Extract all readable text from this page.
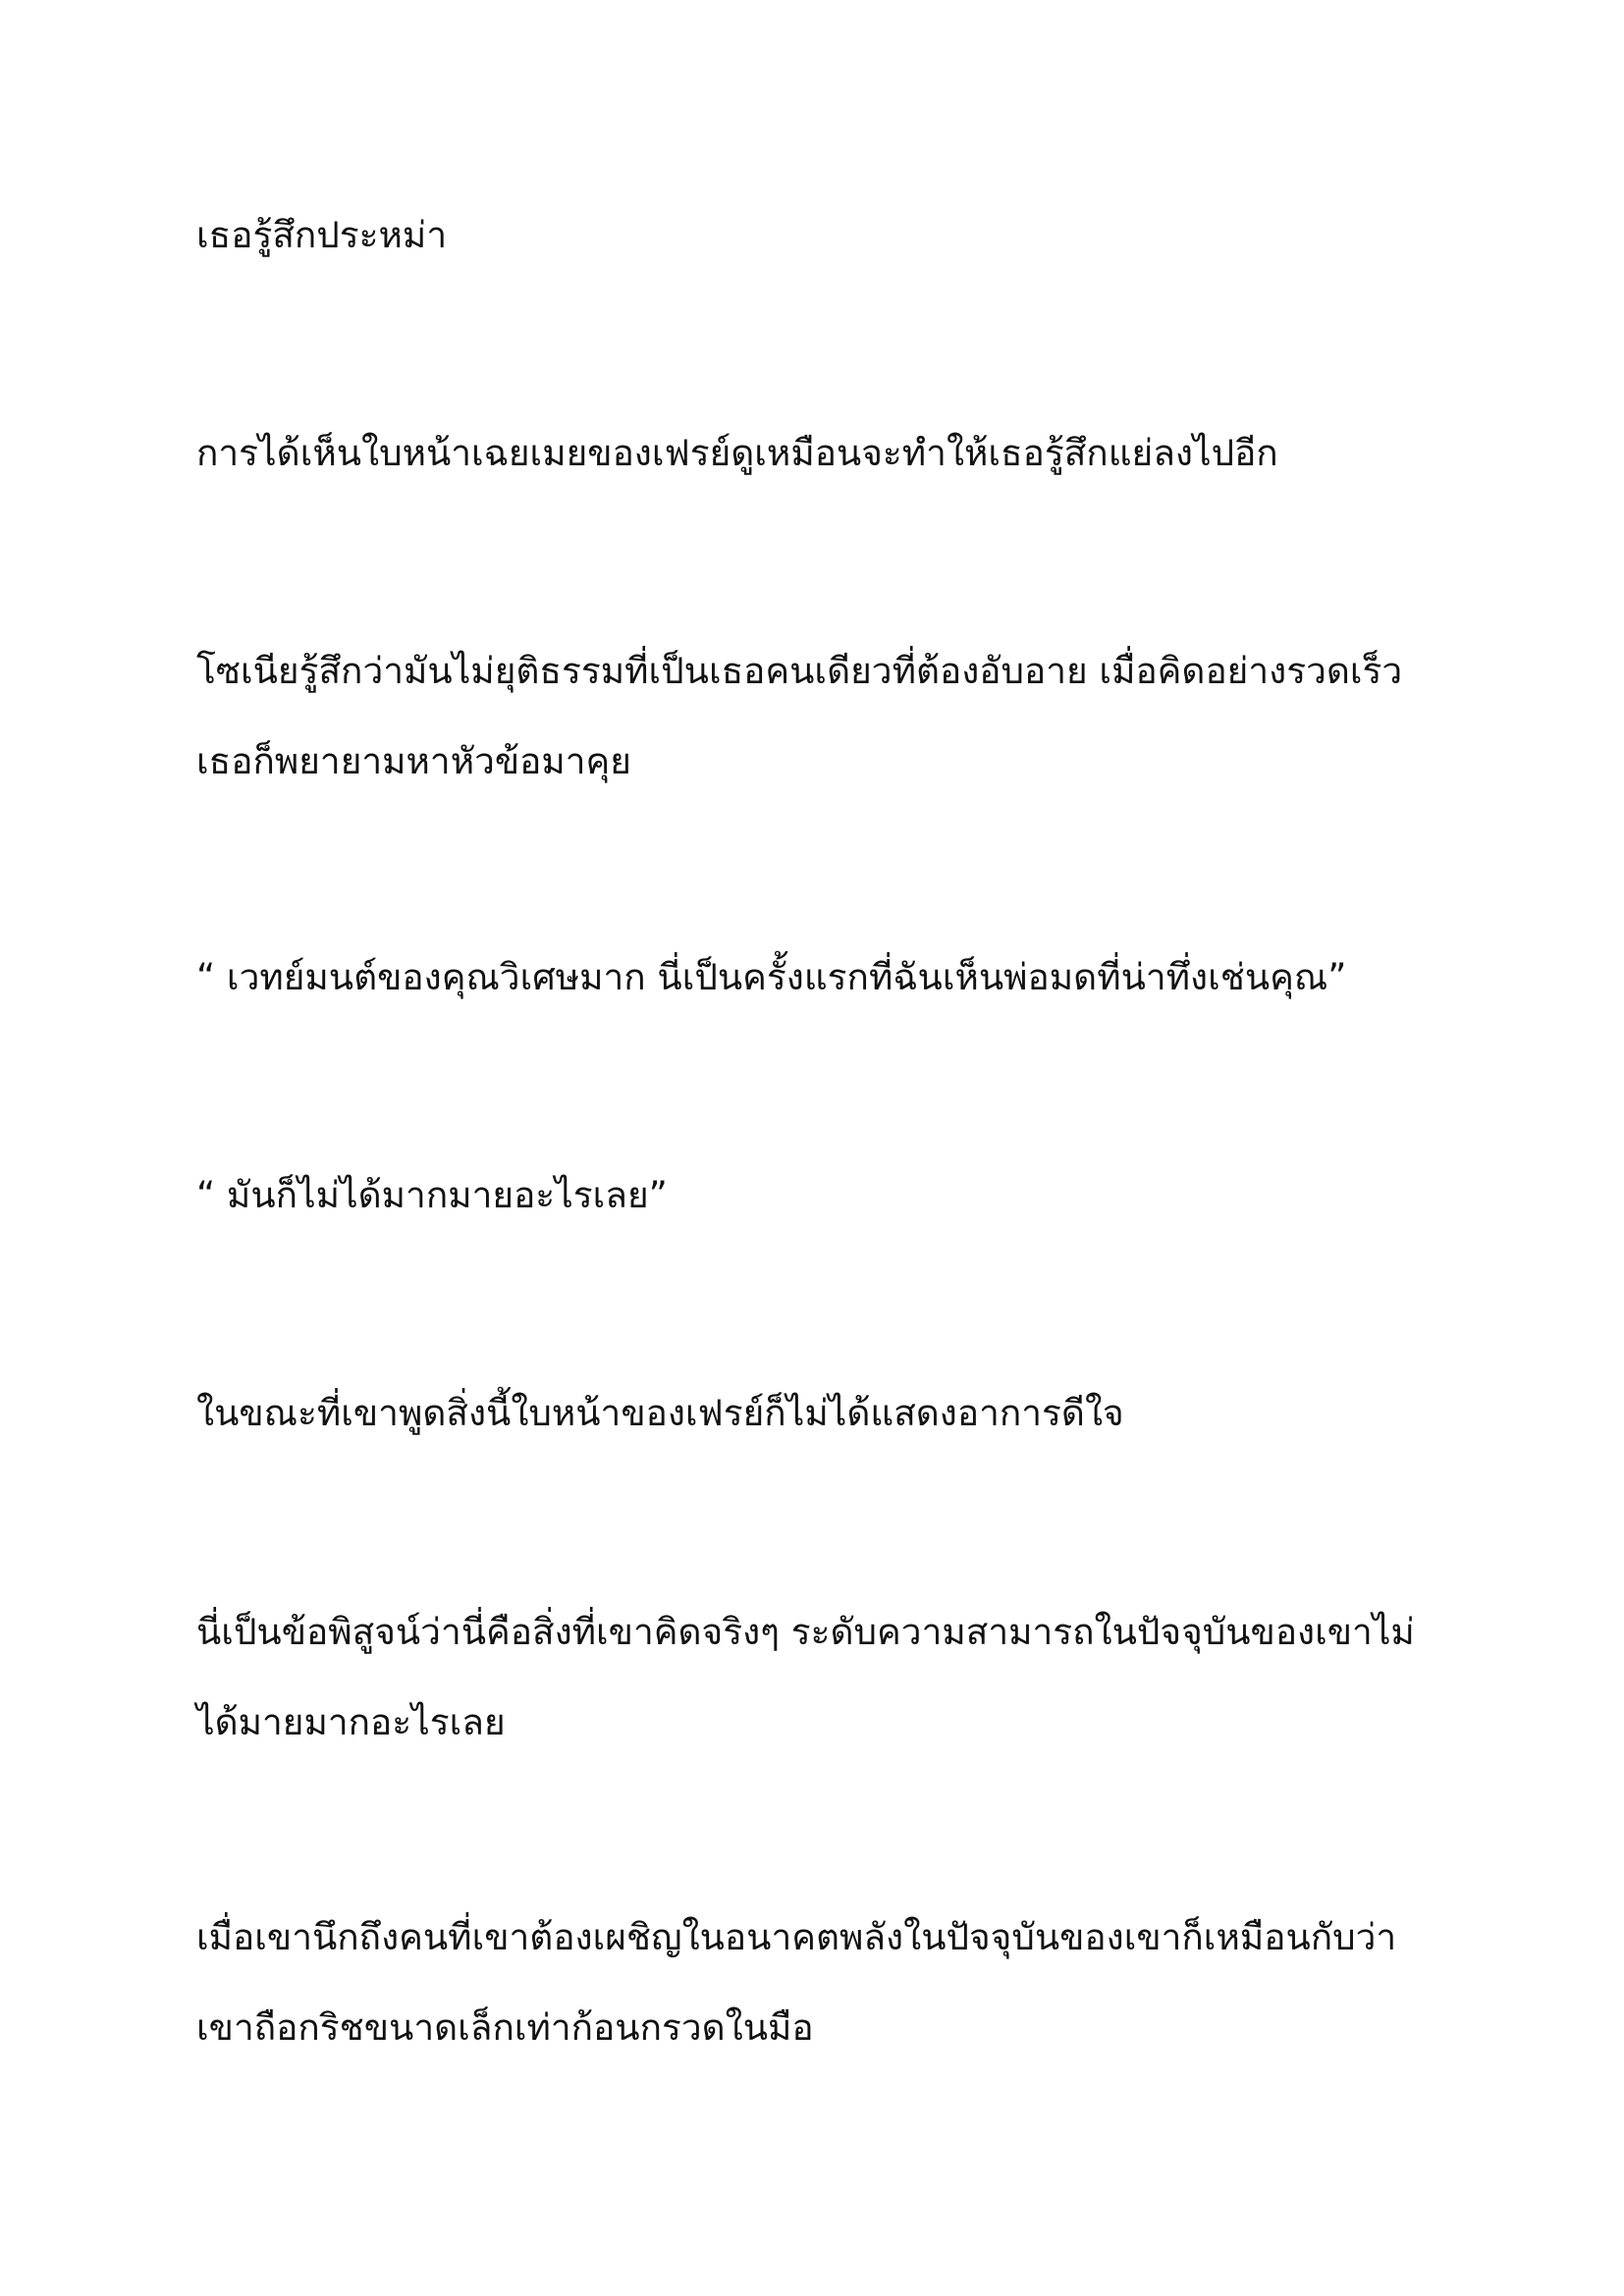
เธอรู้สึกประหม่า

การได้เห็นใบหน้าเฉยเมยของเฟรย์ดูเหมือนจะทำให้เธอรู้สึกแย่ลงไปอีก

โซเนียรู้สึกว่ามันไม่ยุติธรรมที่เป็นเธอคนเดียวที่ต้องอับอาย เมื่อคิดอย่างรวดเร็วเธอก็พยายามหาหัวข้อมาคุย

“ เวทย์มนต์ของคุณวิเศษมาก นี่เป็นครั้งแรกที่ฉันเห็นพ่อมดที่น่าทึ่งเช่นคุณ”

“ มันก็ไม่ได้มากมายอะไรเลย”

ในขณะที่เขาพูดสิ่งนี้ใบหน้าของเฟรย์ก็ไม่ได้แสดงอาการดีใจ

นี่เป็นข้อพิสูจน์ว่านี่คือสิ่งที่เขาคิดจริงๆ ระดับความสามารถในปัจจุบันของเขาไม่ได้มายมากอะไรเลย

เมื่อเขานึกถึงคนที่เขาต้องเผชิญในอนาคตพลังในปัจจุบันของเขาก็เหมือนกับว่าเขาถือกริชขนาดเล็กเท่าก้อนกรวดในมือ
